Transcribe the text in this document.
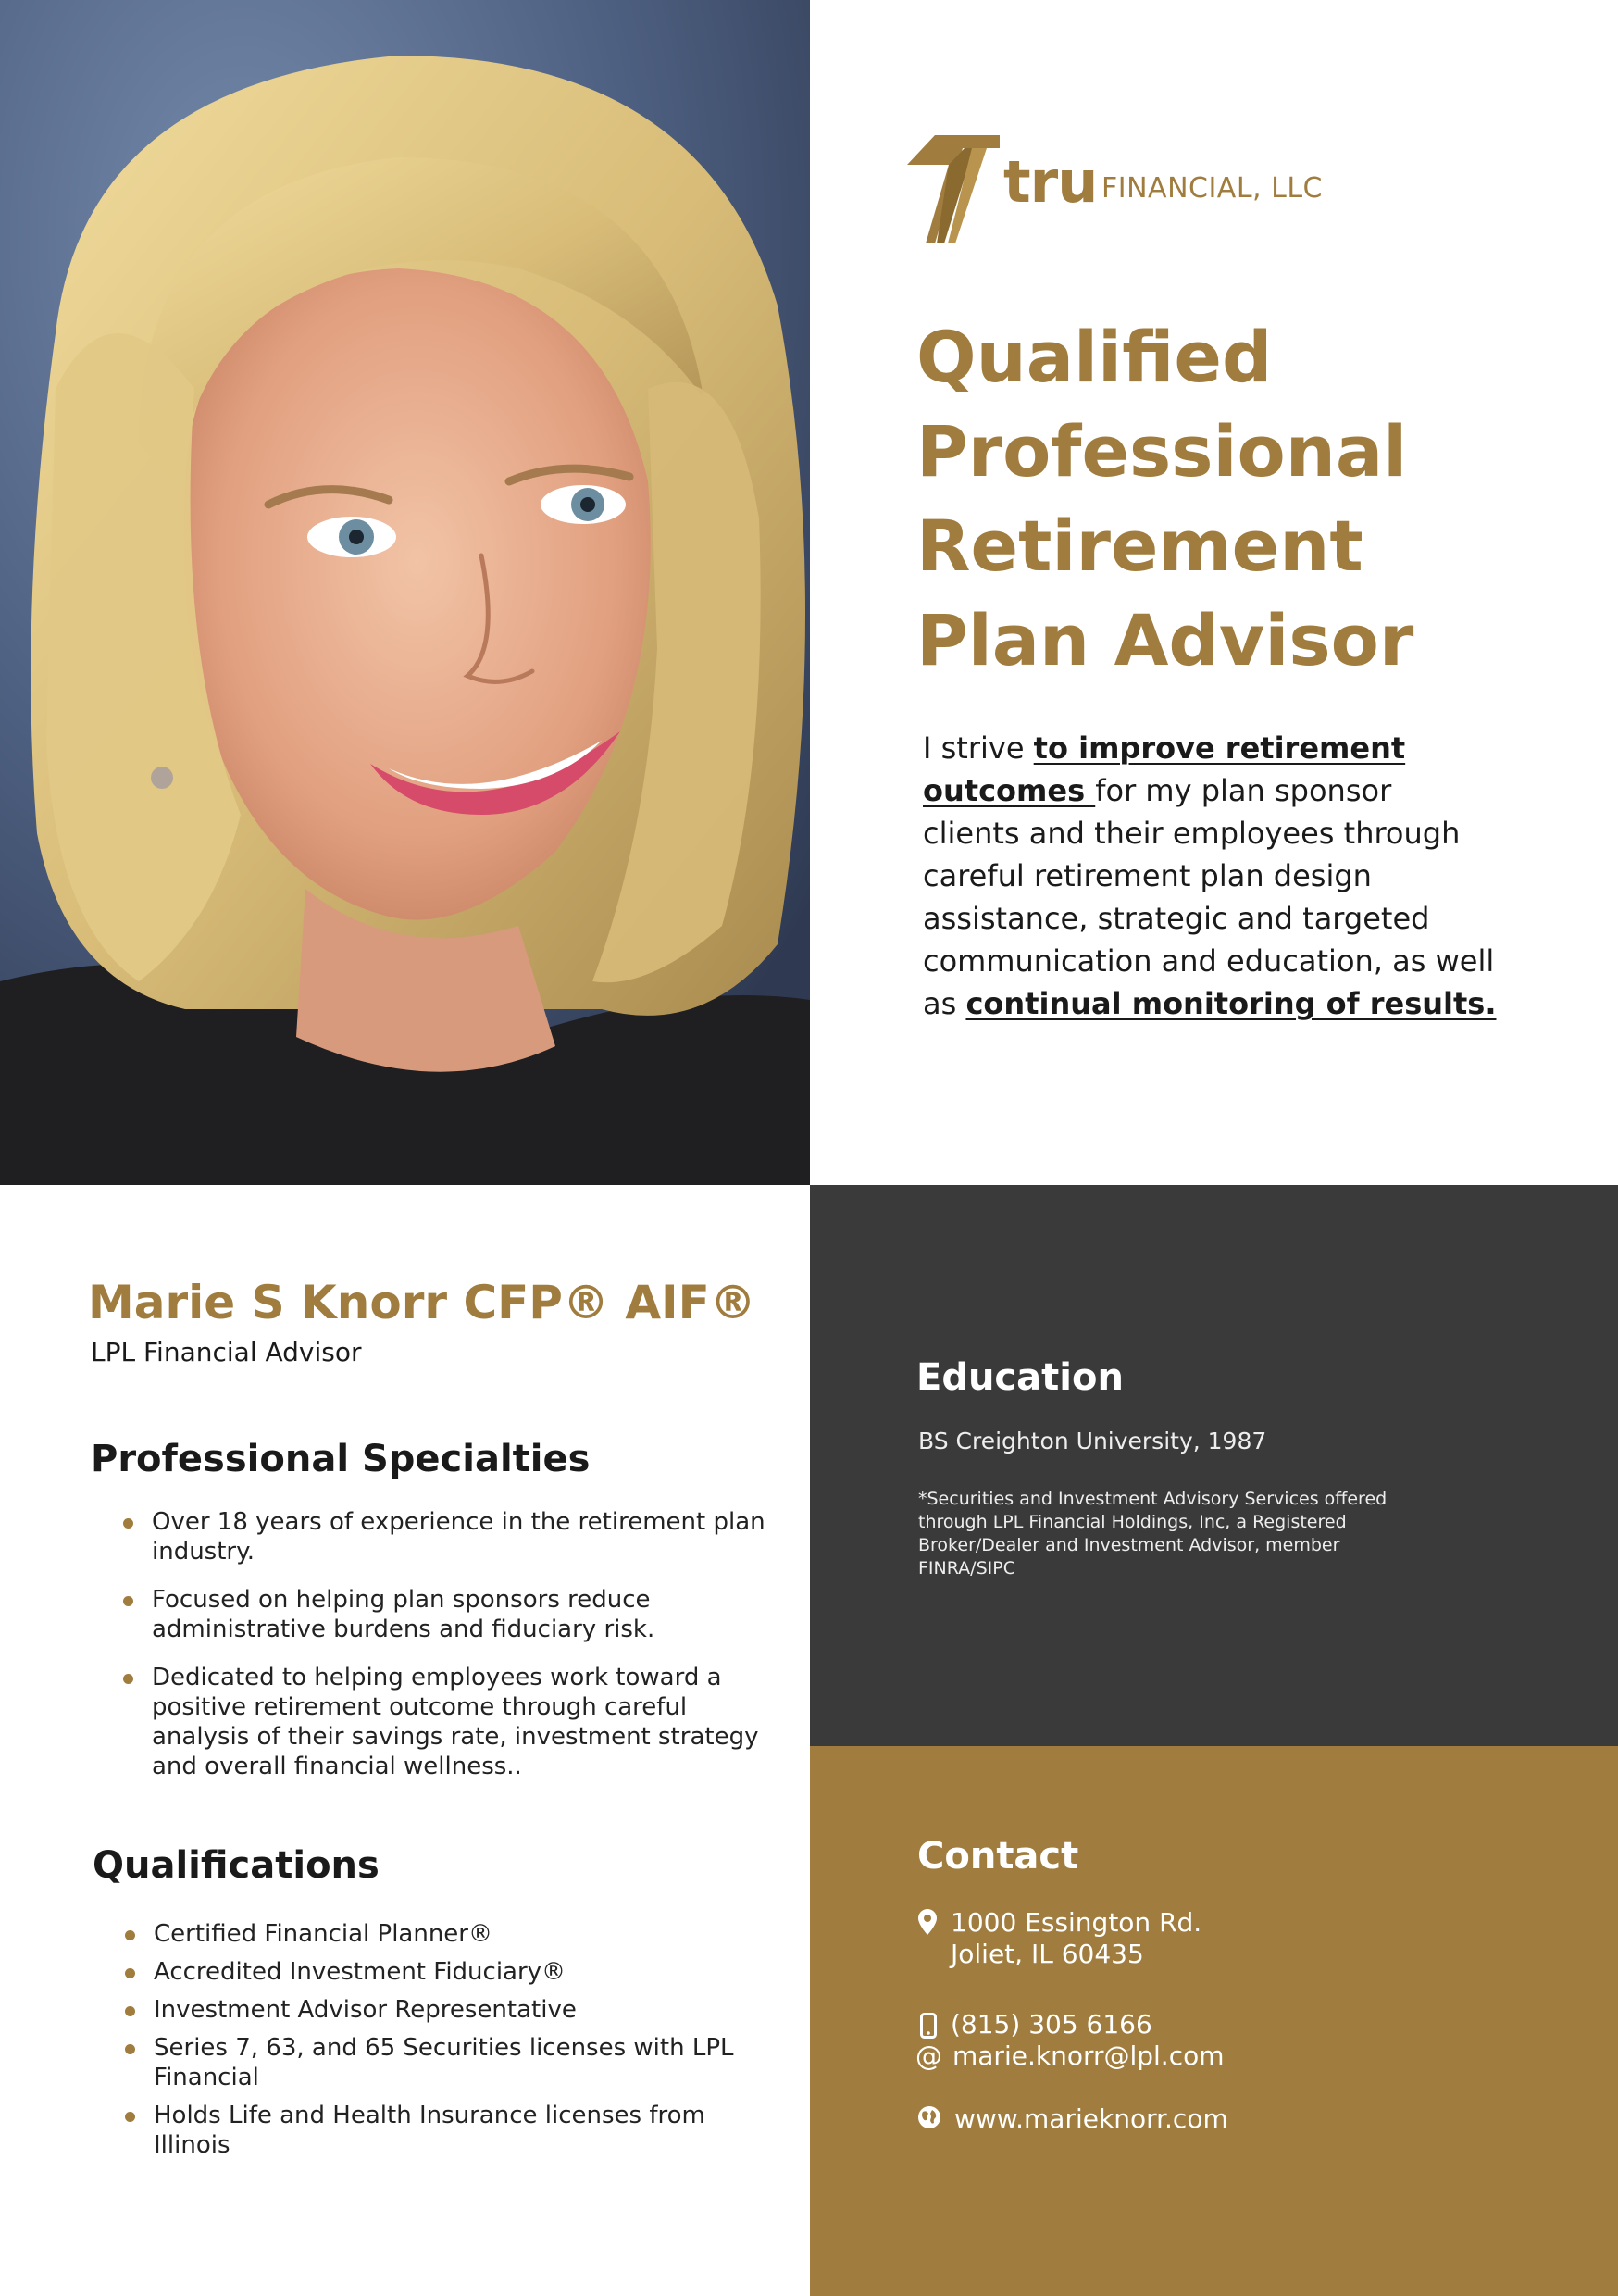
tru FINANCIAL, LLC
Qualified
Professional
Retirement
Plan Advisor

I strive to improve retirement outcomes for my plan sponsor clients and their employees through careful retirement plan design assistance, strategic and targeted communication and education, as well as continual monitoring of results.

Marie S Knorr CFP® AIF®
LPL Financial Advisor
Professional Specialties
Over 18 years of experience in the retirement plan industry.
Focused on helping plan sponsors reduce administrative burdens and fiduciary risk.
Dedicated to helping employees work toward a positive retirement outcome through careful analysis of their savings rate, investment strategy and overall financial wellness..
Qualifications
Certified Financial Planner®
Accredited Investment Fiduciary®
Investment Advisor Representative
Series 7, 63, and 65 Securities licenses with LPL Financial
Holds Life and Health Insurance licenses from Illinois
Education
BS Creighton University, 1987
*Securities and Investment Advisory Services offered through LPL Financial Holdings, Inc, a Registered Broker/Dealer and Investment Advisor, member FINRA/SIPC
Contact
1000 Essington Rd.
Joliet, IL 60435
(815) 305 6166
@ marie.knorr@lpl.com
www.marieknorr.com
